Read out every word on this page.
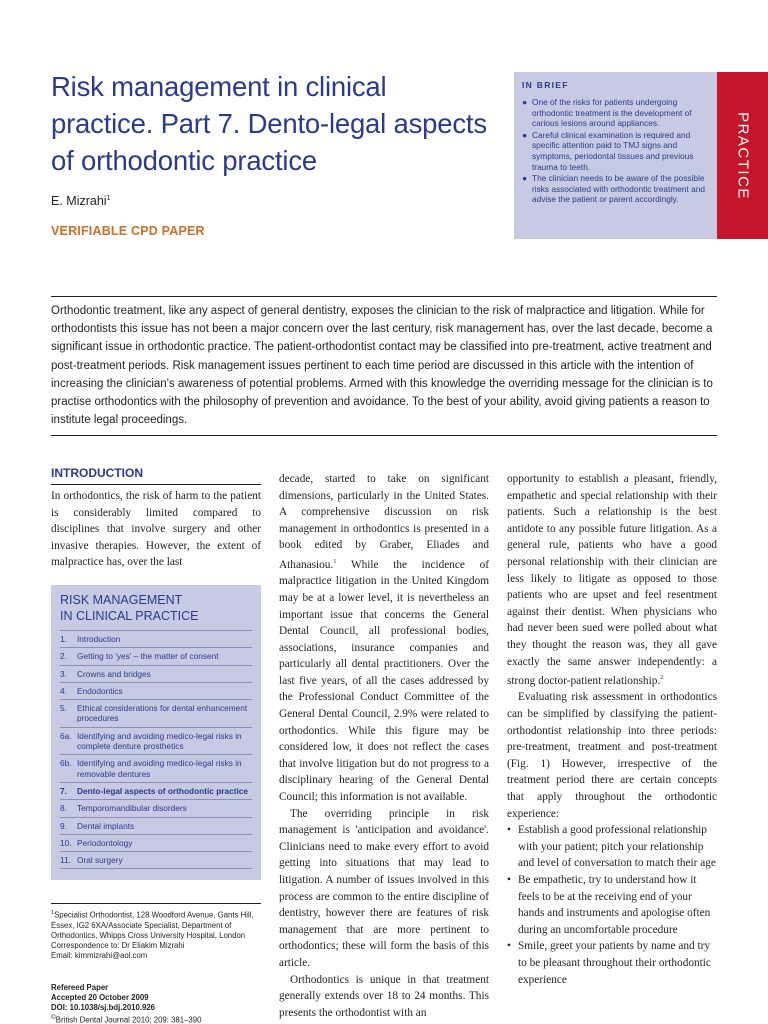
Risk management in clinical practice. Part 7. Dento-legal aspects of orthodontic practice
E. Mizrahi$^1$
VERIFIABLE CPD PAPER
IN BRIEF
● One of the risks for patients undergoing orthodontic treatment is the development of carious lesions around appliances.
● Careful clinical examination is required and specific attention paid to TMJ signs and symptoms, periodontal tissues and previous trauma to teeth.
● The clinician needs to be aware of the possible risks associated with orthodontic treatment and advise the patient or parent accordingly.	PRACTICE

Orthodontic treatment, like any aspect of general dentistry, exposes the clinician to the risk of malpractice and litigation. While for orthodontists this issue has not been a major concern over the last century, risk management has, over the last decade, become a significant issue in orthodontic practice. The patient-orthodontist contact may be classified into pre-treatment, active treatment and post-treatment periods. Risk management issues pertinent to each time period are discussed in this article with the intention of increasing the clinician's awareness of potential problems. Armed with this knowledge the overriding message for the clinician is to practise orthodontics with the philosophy of prevention and avoidance. To the best of your ability, avoid giving patients a reason to institute legal proceedings.

INTRODUCTION

In orthodontics, the risk of harm to the patient is considerably limited compared to disciplines that involve surgery and other invasive therapies. However, the extent of malpractice has, over the last

RISK MANAGEMENT
IN CLINICAL PRACTICE
1.	Introduction
2.	Getting to 'yes' – the matter of consent
3.	Crowns and bridges
4.	Endodontics
5.	Ethical considerations for dental enhancement procedures
6a. Identifying and avoiding medico-legal risks in complete denture prosthetics
6b. Identifying and avoiding medico-legal risks in removable dentures
7.	Dento-legal aspects of orthodontic practice
8.	Temporomandibular disorders
9.	Dental implants
10. Periodontology
11. Oral surgery
$^1$Specialist Orthodontist, 128 Woodford Avenue, Gants Hill, Essex, IG2 6XA/Associate Specialist, Department of Orthodontics, Whipps Cross University Hospital, London
Correspondence to: Dr Eliakim Mizrahi
Email: kimmizrahi@aol.com
Refereed Paper
Accepted 20 October 2009
DOI: 10.1038/sj.bdj.2010.926
©British Dental Journal 2010; 209: 381–390

decade, started to take on significant dimensions, particularly in the United States. A comprehensive discussion on risk management in orthodontics is presented in a book edited by Graber, Eliades and Athanasiou.$^1$ While the incidence of malpractice litigation in the United Kingdom may be at a lower level, it is nevertheless an important issue that concerns the General Dental Council, all professional bodies, associations, insurance companies and particularly all dental practitioners. Over the last five years, of all the cases addressed by the Professional Conduct Committee of the General Dental Council, 2.9% were related to orthodontics. While this figure may be considered low, it does not reflect the cases that involve litigation but do not progress to a disciplinary hearing of the General Dental Council; this information is not available.

The overriding principle in risk management is 'anticipation and avoidance'. Clinicians need to make every effort to avoid getting into situations that may lead to litigation. A number of issues involved in this process are common to the entire discipline of dentistry, however there are features of risk management that are more pertinent to orthodontics; these will form the basis of this article.

Orthodontics is unique in that treatment generally extends over 18 to 24 months. This presents the orthodontist with an

opportunity to establish a pleasant, friendly, empathetic and special relationship with their patients. Such a relationship is the best antidote to any possible future litigation. As a general rule, patients who have a good personal relationship with their clinician are less likely to litigate as opposed to those patients who are upset and feel resentment against their dentist. When physicians who had never been sued were polled about what they thought the reason was, they all gave exactly the same answer independently: a strong doctor-patient relationship.$^2$

Evaluating risk assessment in orthodontics can be simplified by classifying the patient-orthodontist relationship into three periods: pre-treatment, treatment and post-treatment (Fig. 1) However, irrespective of the treatment period there are certain concepts that apply throughout the orthodontic experience:

• Establish a good professional relationship with your patient; pitch your relationship and level of conversation to match their age
• Be empathetic, try to understand how it feels to be at the receiving end of your hands and instruments and apologise often during an uncomfortable procedure
• Smile, greet your patients by name and try to be pleasant throughout their orthodontic experience
